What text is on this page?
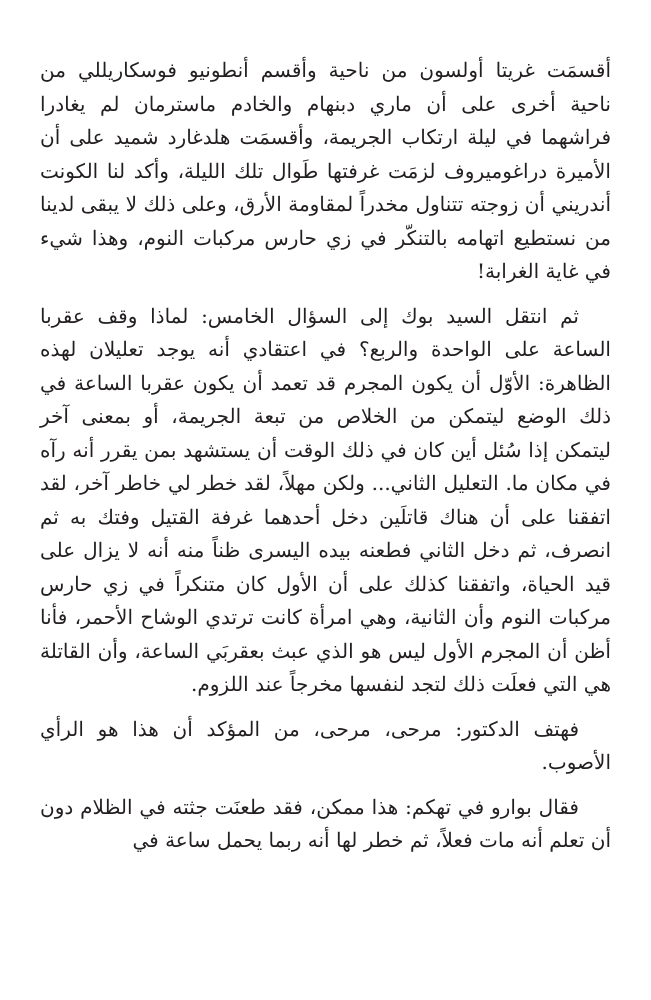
أقسمَت غريتا أولسون من ناحية وأقسم أنطونيو فوسكاريللي من ناحية أخرى على أن ماري دبنهام والخادم ماسترمان لم يغادرا فراشهما في ليلة ارتكاب الجريمة، وأقسمَت هلدغارد شميد على أن الأميرة دراغوميروف لزمَت غرفتها طَوال تلك الليلة، وأكد لنا الكونت أندريني أن زوجته تتناول مخدراً لمقاومة الأرق، وعلى ذلك لا يبقى لدينا من نستطيع اتهامه بالتنكّر في زي حارس مركبات النوم، وهذا شيء في غاية الغرابة!

ثم انتقل السيد بوك إلى السؤال الخامس: لماذا وقف عقربا الساعة على الواحدة والربع؟ في اعتقادي أنه يوجد تعليلان لهذه الظاهرة: الأوّل أن يكون المجرم قد تعمد أن يكون عقربا الساعة في ذلك الوضع ليتمكن من الخلاص من تبعة الجريمة، أو بمعنى آخر ليتمكن إذا سُئل أين كان في ذلك الوقت أن يستشهد بمن يقرر أنه رآه في مكان ما. التعليل الثاني... ولكن مهلاً، لقد خطر لي خاطر آخر، لقد اتفقنا على أن هناك قاتلَين دخل أحدهما غرفة القتيل وفتك به ثم انصرف، ثم دخل الثاني فطعنه بيده اليسرى ظناً منه أنه لا يزال على قيد الحياة، واتفقنا كذلك على أن الأول كان متنكراً في زي حارس مركبات النوم وأن الثانية، وهي امرأة كانت ترتدي الوشاح الأحمر، فأنا أظن أن المجرم الأول ليس هو الذي عبث بعقربَي الساعة، وأن القاتلة هي التي فعلَت ذلك لتجد لنفسها مخرجاً عند اللزوم.

فهتف الدكتور: مرحى، مرحى، من المؤكد أن هذا هو الرأي الأصوب.

فقال بوارو في تهكم: هذا ممكن، فقد طعنَت جثته في الظلام دون أن تعلم أنه مات فعلاً، ثم خطر لها أنه ربما يحمل ساعة في
